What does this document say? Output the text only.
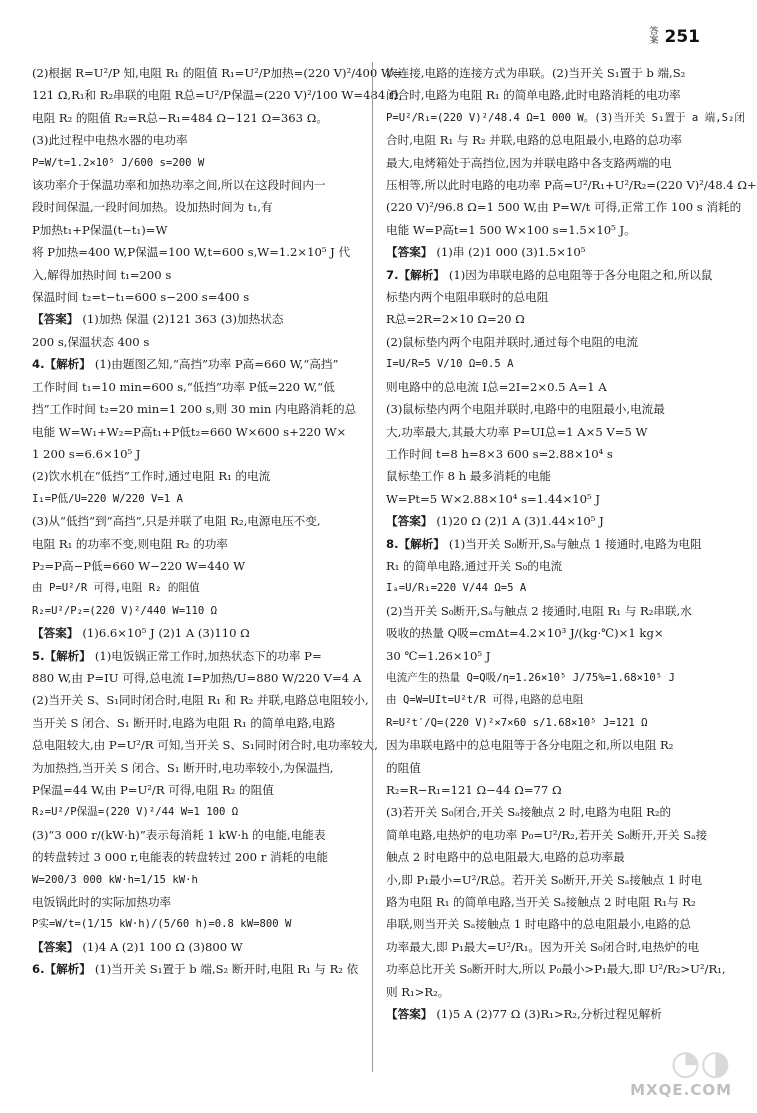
答案 251
(2)根据 R=U²/P 知,电阻 R₁ 的阻值 R₁=U²/P加热=(220 V)²/400 W=
121 Ω,R₁和 R₂串联的电阻 R总=U²/P保温=(220 V)²/100 W=484 Ω,
电阻 R₂ 的阻值 R₂=R总−R₁=484 Ω−121 Ω=363 Ω。
(3)此过程中电热水器的电功率
P=W/t=1.2×10⁵ J/600 s=200 W
该功率介于保温功率和加热功率之间,所以在这段时间内一
段时间保温,一段时间加热。设加热时间为 t₁,有
P加热t₁+P保温(t−t₁)=W
将 P加热=400 W,P保温=100 W,t=600 s,W=1.2×10⁵ J 代
入,解得加热时间 t₁=200 s
保温时间 t₂=t−t₁=600 s−200 s=400 s
【答案】 (1)加热 保温 (2)121 363 (3)加热状态
200 s,保温状态 400 s
4.【解析】 (1)由题图乙知,“高挡”功率 P高=660 W,“高挡”
工作时间 t₁=10 min=600 s,“低挡”功率 P低=220 W,“低
挡”工作时间 t₂=20 min=1 200 s,则 30 min 内电路消耗的总
电能 W=W₁+W₂=P高t₁+P低t₂=660 W×600 s+220 W×
1 200 s=6.6×10⁵ J
(2)饮水机在“低挡”工作时,通过电阻 R₁ 的电流
I₁=P低/U=220 W/220 V=1 A
(3)从“低挡”到“高挡”,只是并联了电阻 R₂,电源电压不变,
电阻 R₁ 的功率不变,则电阻 R₂ 的功率
P₂=P高−P低=660 W−220 W=440 W
由 P=U²/R 可得,电阻 R₂ 的阻值
R₂=U²/P₂=(220 V)²/440 W=110 Ω
【答案】 (1)6.6×10⁵ J (2)1 A (3)110 Ω
5.【解析】 (1)电饭锅正常工作时,加热状态下的功率 P=
880 W,由 P=IU 可得,总电流 I=P加热/U=880 W/220 V=4 A
(2)当开关 S、S₁同时闭合时,电阻 R₁ 和 R₂ 并联,电路总电阻较小,
当开关 S 闭合、S₁ 断开时,电路为电阻 R₁ 的简单电路,电路
总电阻较大,由 P=U²/R 可知,当开关 S、S₁同时闭合时,电功率较大,
为加热挡,当开关 S 闭合、S₁ 断开时,电功率较小,为保温挡,
P保温=44 W,由 P=U²/R 可得,电阻 R₂ 的阻值
R₂=U²/P保温=(220 V)²/44 W=1 100 Ω
(3)“3 000 r/(kW·h)”表示每消耗 1 kW·h 的电能,电能表
的转盘转过 3 000 r,电能表的转盘转过 200 r 消耗的电能
W=200/3 000 kW·h=1/15 kW·h
电饭锅此时的实际加热功率
P实=W/t=(1/15 kW·h)/(5/60 h)=0.8 kW=800 W
【答案】 (1)4 A (2)1 100 Ω (3)800 W
6.【解析】 (1)当开关 S₁置于 b 端,S₂ 断开时,电阻 R₁ 与 R₂ 依
次连接,电路的连接方式为串联。(2)当开关 S₁置于 b 端,S₂
闭合时,电路为电阻 R₁ 的简单电路,此时电路消耗的电功率
P=U²/R₁=(220 V)²/48.4 Ω=1 000 W。(3)当开关 S₁置于 a 端,S₂闭
合时,电阻 R₁ 与 R₂ 并联,电路的总电阻最小,电路的总功率
最大,电烤箱处于高挡位,因为并联电路中各支路两端的电
压相等,所以此时电路的电功率 P高=U²/R₁+U²/R₂=(220 V)²/48.4 Ω+
(220 V)²/96.8 Ω=1 500 W,由 P=W/t 可得,正常工作 100 s 消耗的
电能 W=P高t=1 500 W×100 s=1.5×10⁵ J。
【答案】 (1)串 (2)1 000 (3)1.5×10⁵
7.【解析】 (1)因为串联电路的总电阻等于各分电阻之和,所以鼠
标垫内两个电阻串联时的总电阻
R总=2R=2×10 Ω=20 Ω
(2)鼠标垫内两个电阻并联时,通过每个电阻的电流
I=U/R=5 V/10 Ω=0.5 A
则电路中的总电流 I总=2I=2×0.5 A=1 A
(3)鼠标垫内两个电阻并联时,电路中的电阻最小,电流最
大,功率最大,其最大功率 P=UI总=1 A×5 V=5 W
工作时间 t=8 h=8×3 600 s=2.88×10⁴ s
鼠标垫工作 8 h 最多消耗的电能
W=Pt=5 W×2.88×10⁴ s=1.44×10⁵ J
【答案】 (1)20 Ω (2)1 A (3)1.44×10⁵ J
8.【解析】 (1)当开关 S₀断开,Sₐ与触点 1 接通时,电路为电阻
R₁ 的简单电路,通过开关 S₀的电流
Iₐ=U/R₁=220 V/44 Ω=5 A
(2)当开关 S₀断开,Sₐ与触点 2 接通时,电阻 R₁ 与 R₂串联,水
吸收的热量 Q吸=cmΔt=4.2×10³ J/(kg·℃)×1 kg×
30 ℃=1.26×10⁵ J
电流产生的热量 Q=Q吸/η=1.26×10⁵ J/75%=1.68×10⁵ J
由 Q=W=UIt=U²t/R 可得,电路的总电阻
R=U²t′/Q=(220 V)²×7×60 s/1.68×10⁵ J=121 Ω
因为串联电路中的总电阻等于各分电阻之和,所以电阻 R₂
的阻值
R₂=R−R₁=121 Ω−44 Ω=77 Ω
(3)若开关 S₀闭合,开关 Sₐ接触点 2 时,电路为电阻 R₂的
简单电路,电热炉的电功率 P₀=U²/R₂,若开关 S₀断开,开关 Sₐ接
触点 2 时电路中的总电阻最大,电路的总功率最
小,即 P₁最小=U²/R总。若开关 S₀断开,开关 Sₐ接触点 1 时电
路为电阻 R₁ 的简单电路,当开关 Sₐ接触点 2 时电阻 R₁与 R₂
串联,则当开关 Sₐ接触点 1 时电路中的总电阻最小,电路的总
功率最大,即 P₁最大=U²/R₁。因为开关 S₀闭合时,电热炉的电
功率总比开关 S₀断开时大,所以 P₀最小>P₁最大,即 U²/R₂>U²/R₁,
则 R₁>R₂。
【答案】 (1)5 A (2)77 Ω (3)R₁>R₂,分析过程见解析
◔◑
MXQE.COM
